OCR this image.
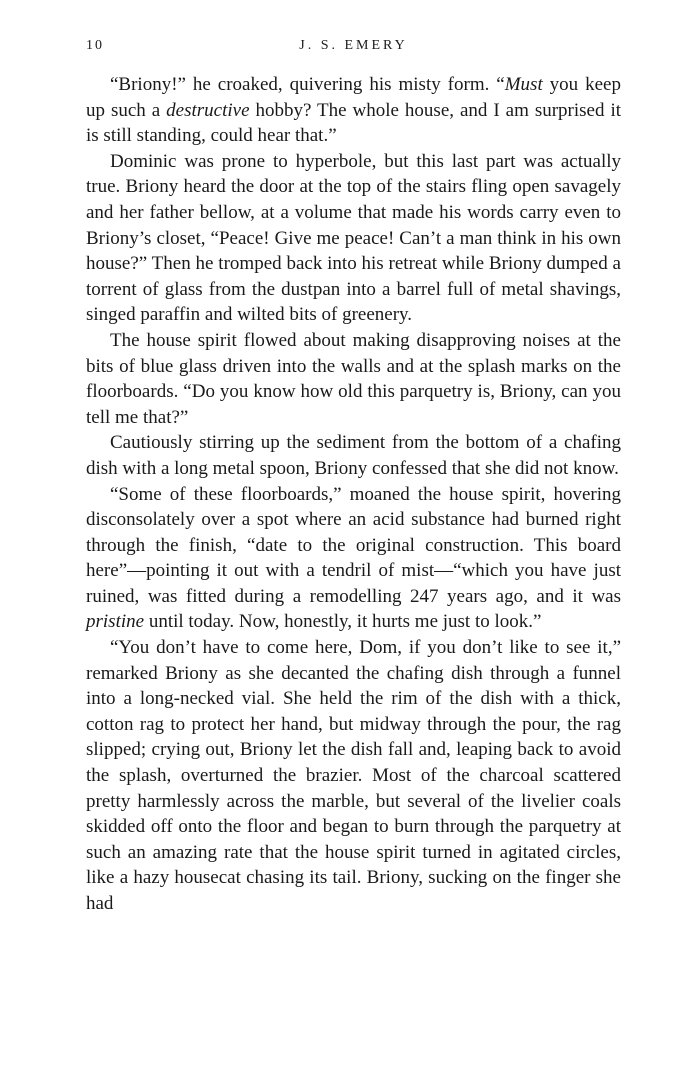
10	J. S. EMERY

“Briony!” he croaked, quivering his misty form. “Must you keep up such a destructive hobby? The whole house, and I am surprised it is still standing, could hear that.”

Dominic was prone to hyperbole, but this last part was actually true. Briony heard the door at the top of the stairs fling open savagely and her father bellow, at a volume that made his words carry even to Briony’s closet, “Peace! Give me peace! Can’t a man think in his own house?” Then he tromped back into his retreat while Briony dumped a torrent of glass from the dustpan into a barrel full of metal shavings, singed paraffin and wilted bits of greenery.

The house spirit flowed about making disapproving noises at the bits of blue glass driven into the walls and at the splash marks on the floorboards. “Do you know how old this parquetry is, Briony, can you tell me that?”

Cautiously stirring up the sediment from the bottom of a chafing dish with a long metal spoon, Briony confessed that she did not know.

“Some of these floorboards,” moaned the house spirit, hovering disconsolately over a spot where an acid substance had burned right through the finish, “date to the original construction. This board here”—pointing it out with a tendril of mist—“which you have just ruined, was fitted during a remodelling 247 years ago, and it was pristine until today. Now, honestly, it hurts me just to look.”

“You don’t have to come here, Dom, if you don’t like to see it,” remarked Briony as she decanted the chafing dish through a funnel into a long-necked vial. She held the rim of the dish with a thick, cotton rag to protect her hand, but midway through the pour, the rag slipped; crying out, Briony let the dish fall and, leaping back to avoid the splash, overturned the brazier. Most of the charcoal scattered pretty harmlessly across the marble, but several of the livelier coals skidded off onto the floor and began to burn through the parquetry at such an amazing rate that the house spirit turned in agitated circles, like a hazy housecat chasing its tail. Briony, sucking on the finger she had
